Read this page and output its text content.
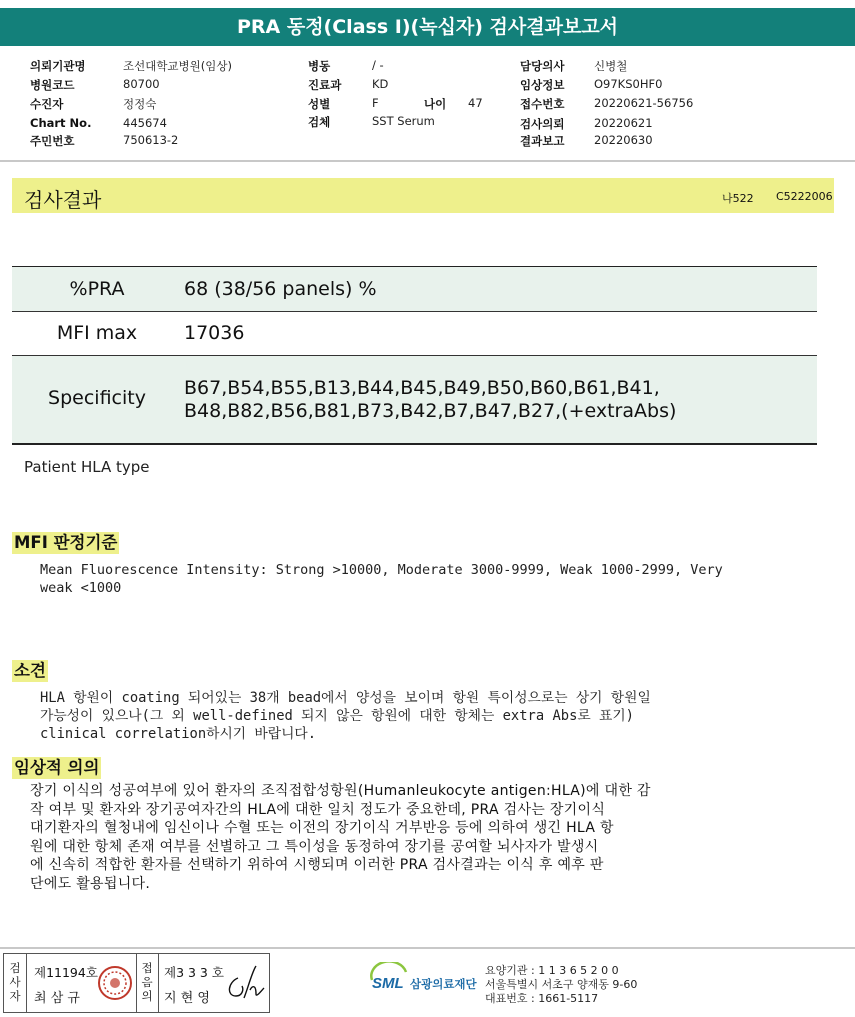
PRA 동정(Class I)(녹십자) 검사결과보고서
의뢰기관명	조선대학교병원(임상)
병원코드	80700
수진자	정정숙
Chart No.	445674
주민번호	750613-2
병동	/ -
진료과	KD
성별	F	나이 47
검체	SST Serum
담당의사	신병철
임상정보	O97KS0HF0
접수번호	20220621-56756
검사의뢰	20220621
결과보고	20220630
검사결과	나522 C5222006
%PRA	68 (38/56 panels) %
MFI max	17036
Specificity	B67,B54,B55,B13,B44,B45,B49,B50,B60,B61,B41,
B48,B82,B56,B81,B73,B42,B7,B47,B27,(+extraAbs)
Patient HLA type
MFI 판정기준
Mean Fluorescence Intensity: Strong >10000, Moderate 3000-9999, Weak 1000-2999, Very
weak <1000
소견
HLA 항원이 coating 되어있는 38개 bead에서 양성을 보이며 항원 특이성으로는 상기 항원일
가능성이 있으나(그 외 well-defined 되지 않은 항원에 대한 항체는 extra Abs로 표기)
clinical correlation하시기 바랍니다.
임상적 의의
장기 이식의 성공여부에 있어 환자의 조직접합성항원(Humanleukocyte antigen:HLA)에 대한 감
작 여부 및 환자와 장기공여자간의 HLA에 대한 일치 정도가 중요한데, PRA 검사는 장기이식
대기환자의 혈청내에 임신이나 수혈 또는 이전의 장기이식 거부반응 등에 의하여 생긴 HLA 항
원에 대한 항체 존재 여부를 선별하고 그 특이성을 동정하여 장기를 공여할 뇌사자가 발생시
에 신속히 적합한 환자를 선택하기 위하여 시행되며 이러한 PRA 검사결과는 이식 후 예후 판
단에도 활용됩니다.
검사자
제11194호
최 삼 규
접음의
제3 3 3 호
지 현 영
SML 삼광의료재단
요양기관 : 1 1 3 6 5 2 0 0
서울특별시 서초구 양재동 9-60
대표번호 : 1661-5117
